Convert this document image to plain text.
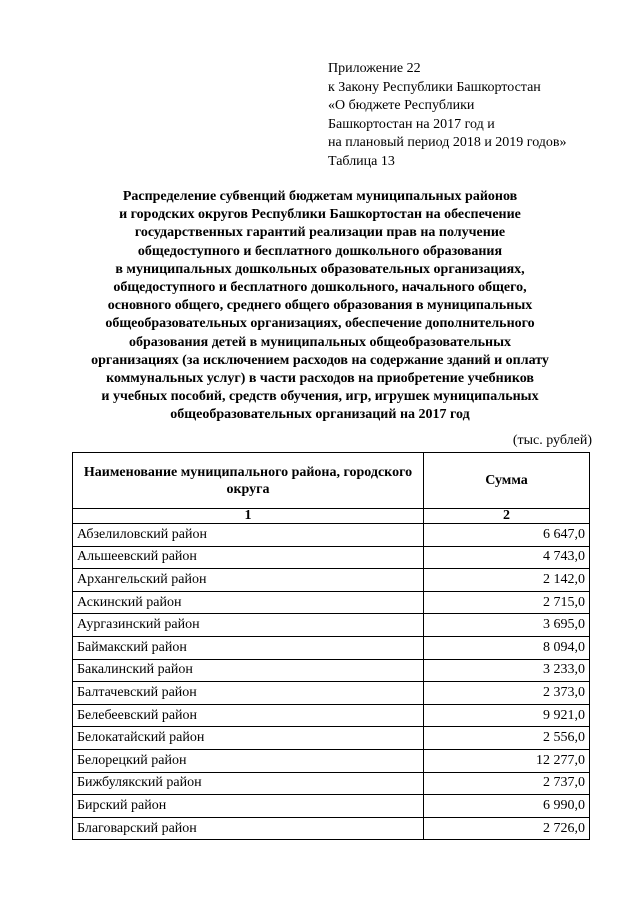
Приложение 22
к Закону Республики Башкортостан
«О бюджете Республики
Башкортостан на 2017 год и
на плановый период 2018 и 2019 годов»
Таблица 13
Распределение субвенций бюджетам муниципальных районов
и городских округов Республики Башкортостан на обеспечение
государственных гарантий реализации прав на получение
общедоступного и бесплатного дошкольного образования
в муниципальных дошкольных образовательных организациях,
общедоступного и бесплатного дошкольного, начального общего,
основного общего, среднего общего образования в муниципальных
общеобразовательных организациях, обеспечение дополнительного
образования детей в муниципальных общеобразовательных
организациях (за исключением расходов на содержание зданий и оплату
коммунальных услуг) в части расходов на приобретение учебников
и учебных пособий, средств обучения, игр, игрушек муниципальных
общеобразовательных организаций на 2017 год
(тыс. рублей)
Наименование муниципального района, городского округа	Сумма
1	2
Абзелиловский район	6 647,0
Альшеевский район	4 743,0
Архангельский район	2 142,0
Аскинский район	2 715,0
Аургазинский район	3 695,0
Баймакский район	8 094,0
Бакалинский район	3 233,0
Балтачевский район	2 373,0
Белебеевский район	9 921,0
Белокатайский район	2 556,0
Белорецкий район	12 277,0
Бижбулякский район	2 737,0
Бирский район	6 990,0
Благоварский район	2 726,0
